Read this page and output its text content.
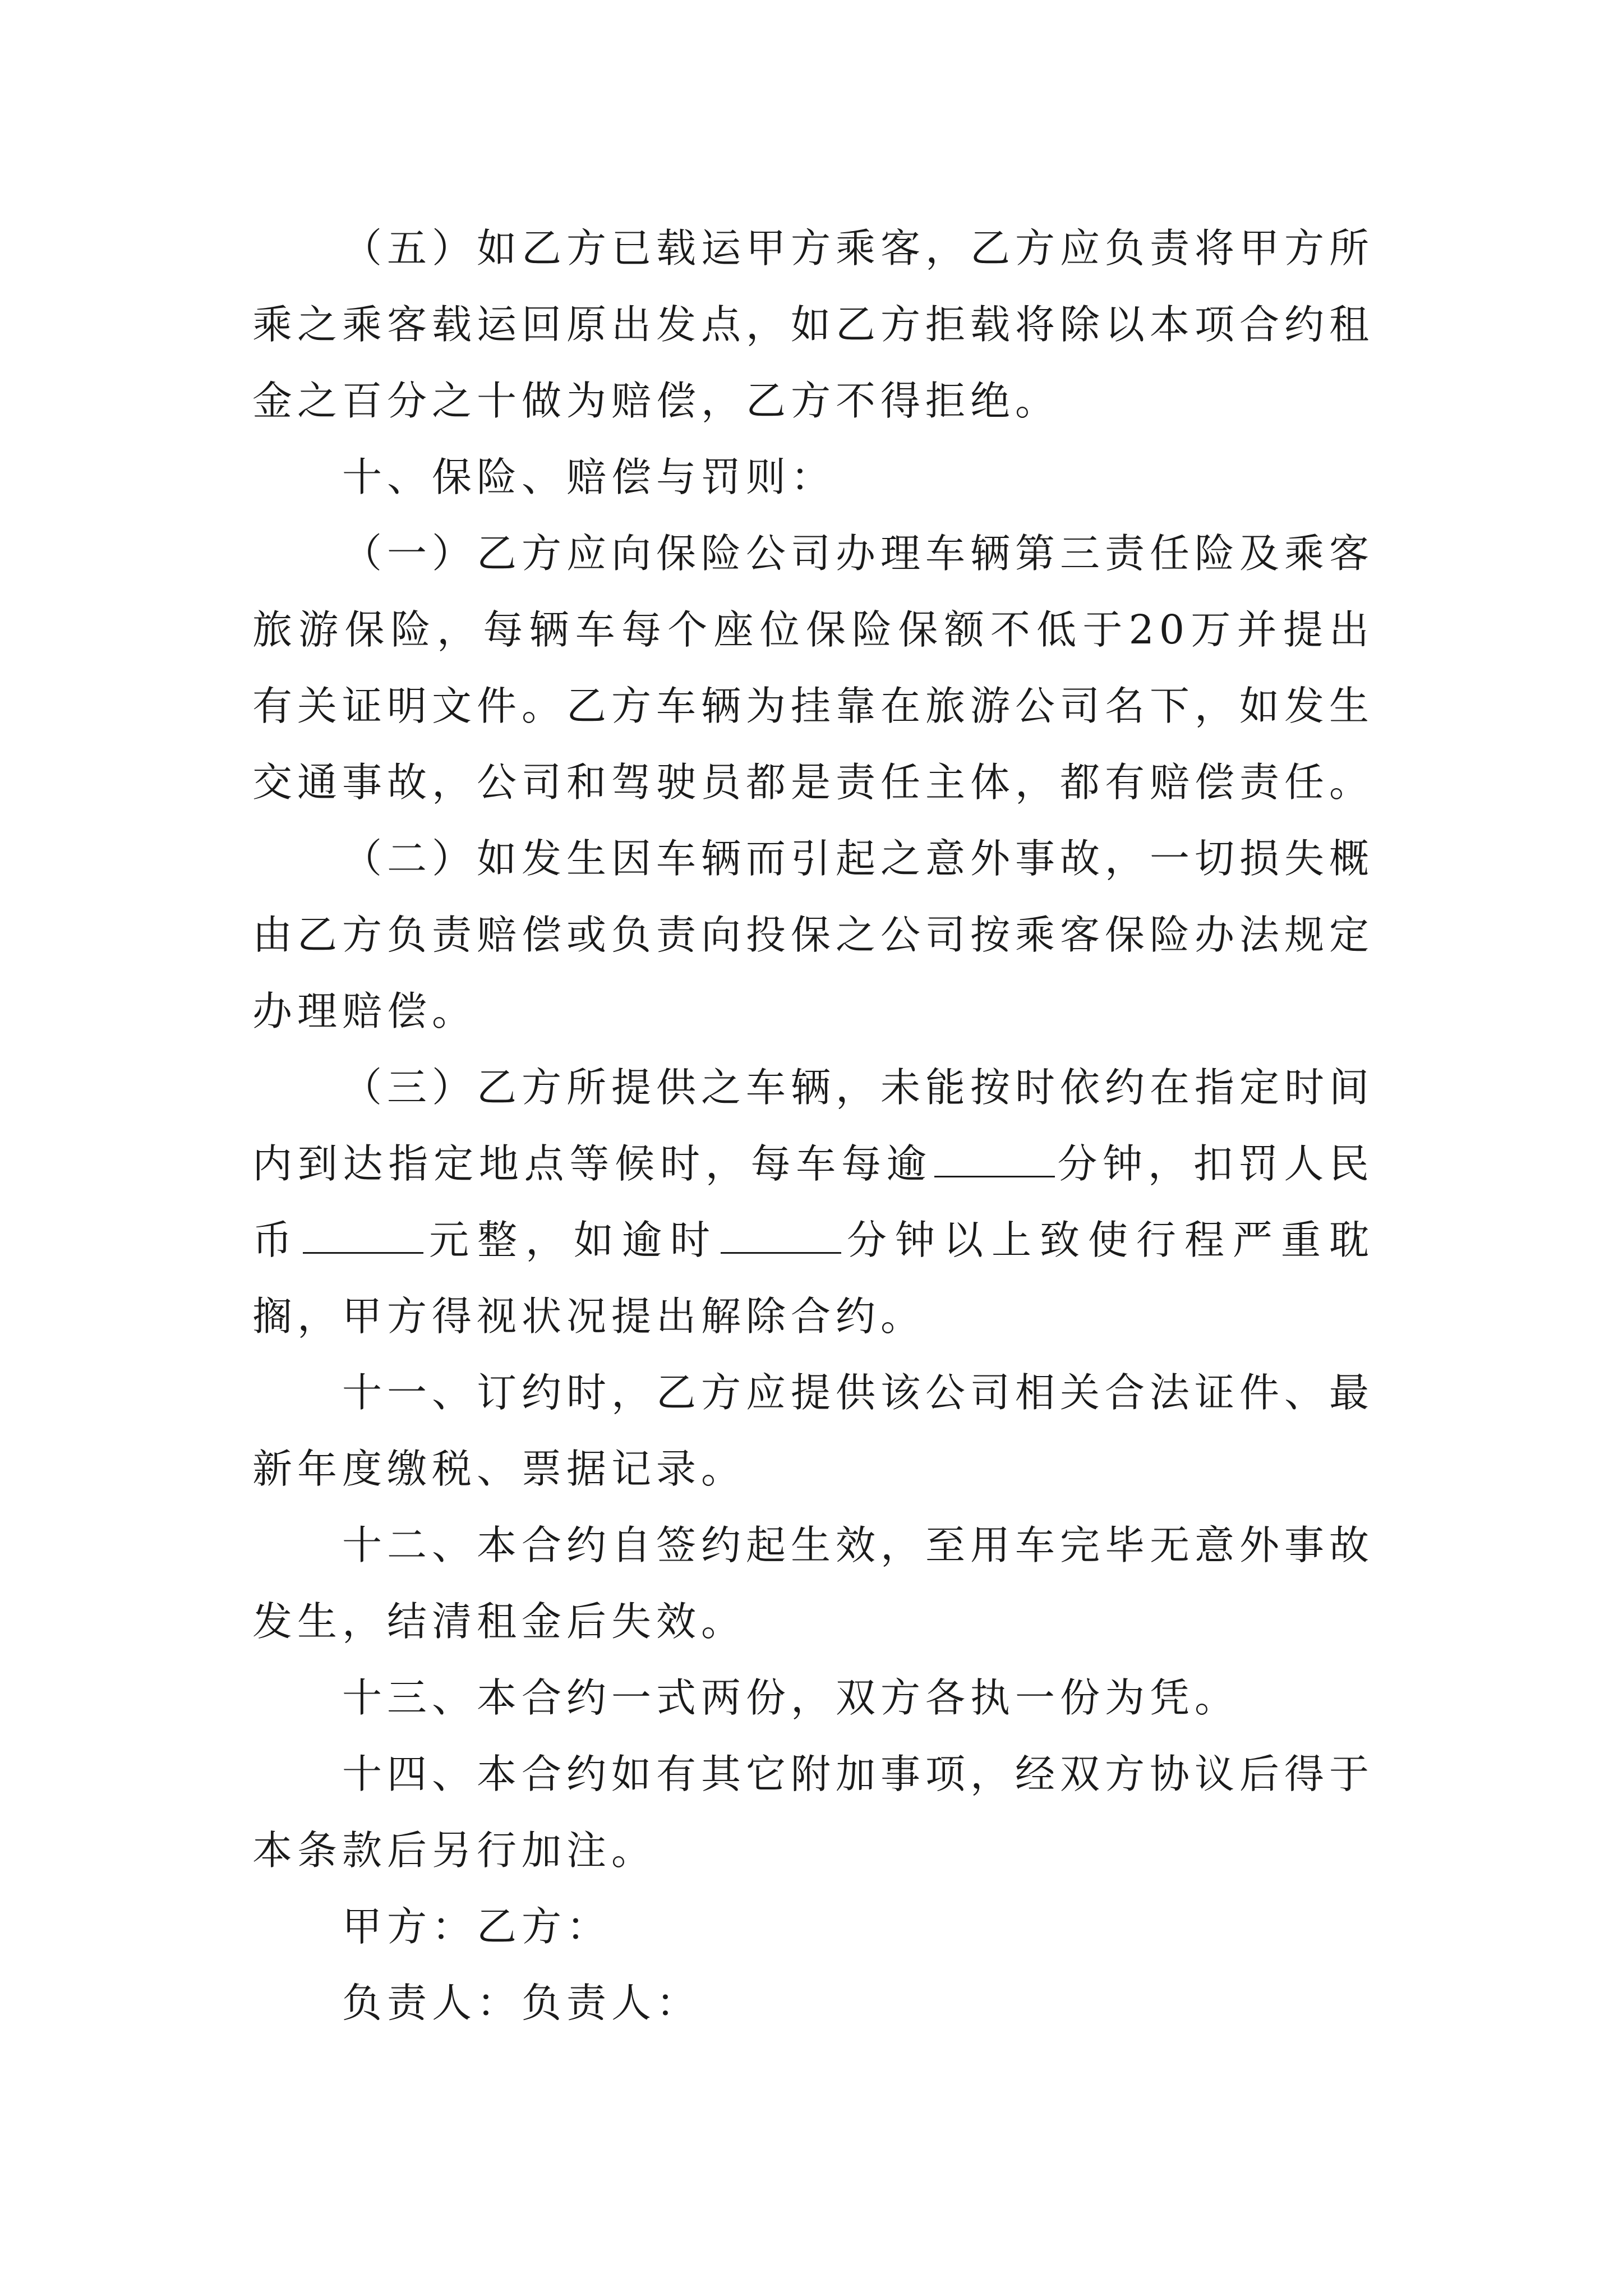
（五）如乙方已载运甲方乘客，乙方应负责将甲方所乘之乘客载运回原出发点，如乙方拒载将除以本项合约租金之百分之十做为赔偿，乙方不得拒绝。

十、保险、赔偿与罚则：

（一）乙方应向保险公司办理车辆第三责任险及乘客旅游保险，每辆车每个座位保险保额不低于20万并提出有关证明文件。乙方车辆为挂靠在旅游公司名下，如发生交通事故，公司和驾驶员都是责任主体，都有赔偿责任。

（二）如发生因车辆而引起之意外事故，一切损失概由乙方负责赔偿或负责向投保之公司按乘客保险办法规定办理赔偿。

（三）乙方所提供之车辆，未能按时依约在指定时间内到达指定地点等候时，每车每逾	分钟，扣罚人民币	元整，如逾时	分钟以上致使行程严重耽搁，甲方得视状况提出解除合约。

十一、订约时，乙方应提供该公司相关合法证件、最新年度缴税、票据记录。

十二、本合约自签约起生效，至用车完毕无意外事故发生，结清租金后失效。

十三、本合约一式两份，双方各执一份为凭。

十四、本合约如有其它附加事项，经双方协议后得于本条款后另行加注。

甲方：乙方：

负责人：负责人：
